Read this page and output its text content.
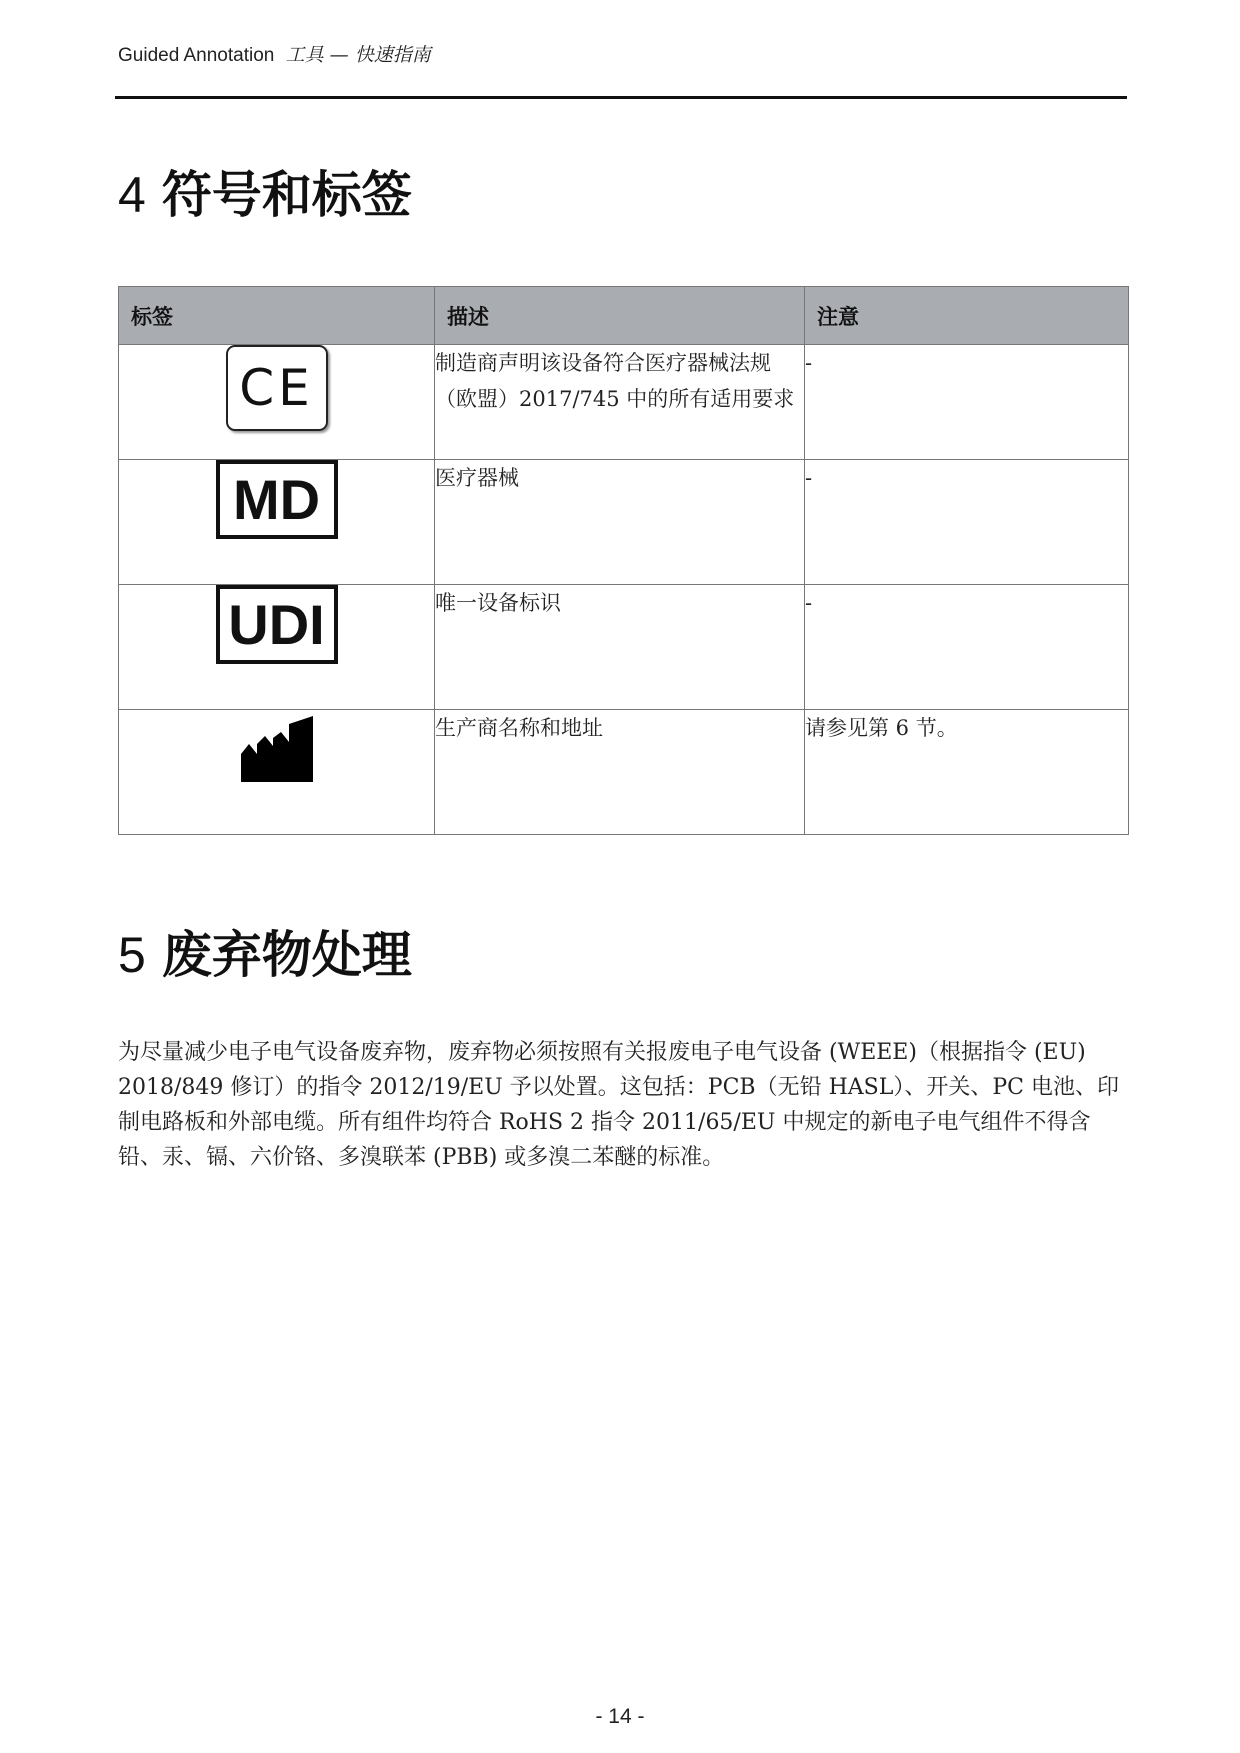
Guided Annotation 工具 — 快速指南
4 符号和标签
标签	描述	注意
CE	制造商声明该设备符合医疗器械法规（欧盟）2017/745 中的所有适用要求	-
MD	医疗器械	-
UDI	唯一设备标识	-
	生产商名称和地址	请参见第 6 节。
5 废弃物处理

为尽量减少电子电气设备废弃物，废弃物必须按照有关报废电子电气设备 (WEEE)（根据指令 (EU) 2018/849 修订）的指令 2012/19/EU 予以处置。这包括：PCB（无铅 HASL）、开关、PC 电池、印制电路板和外部电缆。所有组件均符合 RoHS 2 指令 2011/65/EU 中规定的新电子电气组件不得含铅、汞、镉、六价铬、多溴联苯 (PBB) 或多溴二苯醚的标准。

- 14 -
